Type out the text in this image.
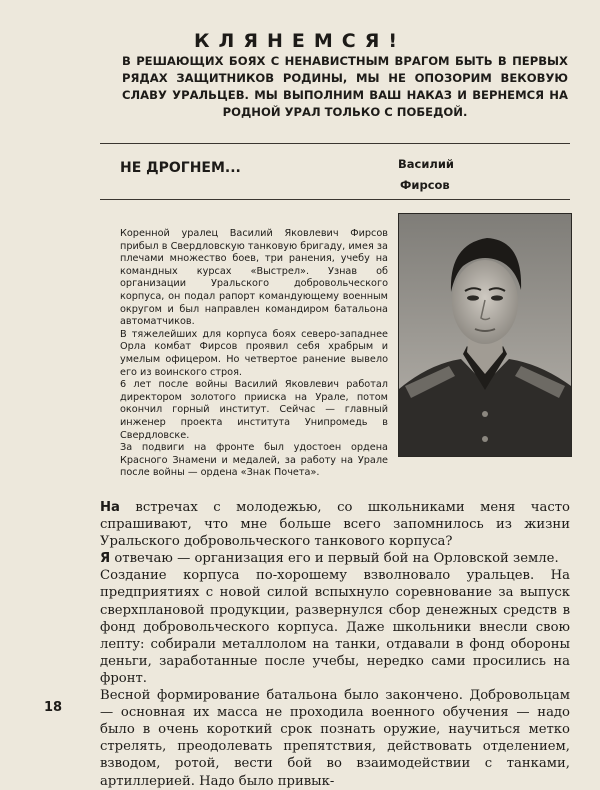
КЛЯНЕМСЯ!

В РЕШАЮЩИХ БОЯХ С НЕНАВИСТНЫМ ВРАГОМ БЫТЬ В ПЕРВЫХ РЯДАХ ЗАЩИТНИКОВ РОДИНЫ, МЫ НЕ ОПОЗОРИМ ВЕКОВУЮ СЛАВУ УРАЛЬЦЕВ. МЫ ВЫПОЛНИМ ВАШ НАКАЗ И ВЕРНЕМСЯ НА РОДНОЙ УРАЛ ТОЛЬКО С ПОБЕДОЙ.

НЕ ДРОГНЕМ...	Василий
Фирсов

Коренной уралец Василий Яковлевич Фирсов прибыл в Свердловскую танковую бригаду, имея за плечами множество боев, три ранения, учебу на командных курсах «Выстрел». Узнав об организации Уральского добровольческого корпуса, он подал рапорт командующему военным округом и был направлен командиром батальона автоматчиков.

В тяжелейших для корпуса боях северо-западнее Орла комбат Фирсов проявил себя храбрым и умелым офицером. Но четвертое ранение вывело его из воинского строя.

6 лет после войны Василий Яковлевич работал директором золотого прииска на Урале, потом окончил горный институт. Сейчас — главный инженер проекта института Унипромедь в Свердловске.

За подвиги на фронте был удостоен ордена Красного Знамени и медалей, за работу на Урале после войны — ордена «Знак Почета».

На встречах с молодежью, со школьниками меня часто спрашивают, что мне больше всего запомнилось из жизни Уральского добровольческого танкового корпуса?

Я отвечаю — организация его и первый бой на Орловской земле.

Создание корпуса по-хорошему взволновало уральцев. На предприятиях с новой силой вспыхнуло соревнование за выпуск сверхплановой продукции, развернулся сбор денежных средств в фонд добровольческого корпуса. Даже школьники внесли свою лепту: собирали металлолом на танки, отдавали в фонд обороны деньги, заработанные после учебы, нередко сами просились на фронт.

Весной формирование батальона было закончено. Добровольцам — основная их масса не проходила военного обучения — надо было в очень короткий срок познать оружие, научиться метко стрелять, преодолевать препятствия, действовать отделением, взводом, ротой, вести бой во взаимодействии с танками, артиллерией. Надо было привык-

18
